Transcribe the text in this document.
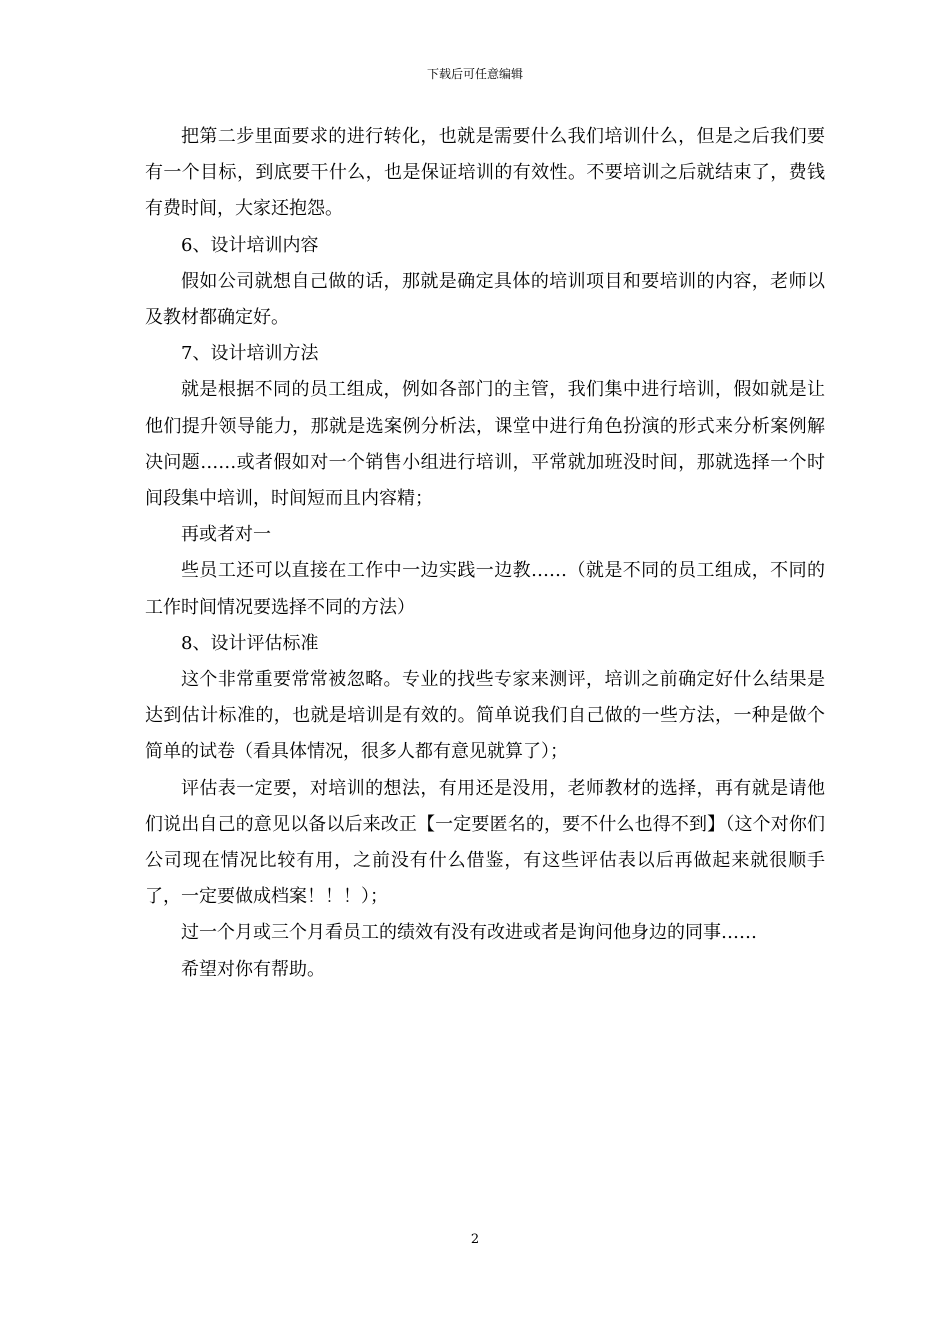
下载后可任意编辑

把第二步里面要求的进行转化，也就是需要什么我们培训什么，但是之后我们要有一个目标，到底要干什么，也是保证培训的有效性。不要培训之后就结束了，费钱有费时间，大家还抱怨。

6、设计培训内容

假如公司就想自己做的话，那就是确定具体的培训项目和要培训的内容，老师以及教材都确定好。

7、设计培训方法

就是根据不同的员工组成，例如各部门的主管，我们集中进行培训，假如就是让他们提升领导能力，那就是选案例分析法，课堂中进行角色扮演的形式来分析案例解决问题……或者假如对一个销售小组进行培训，平常就加班没时间，那就选择一个时间段集中培训，时间短而且内容精；

再或者对一

些员工还可以直接在工作中一边实践一边教……（就是不同的员工组成，不同的工作时间情况要选择不同的方法）

8、设计评估标准

这个非常重要常常被忽略。专业的找些专家来测评，培训之前确定好什么结果是达到估计标准的，也就是培训是有效的。简单说我们自己做的一些方法，一种是做个简单的试卷（看具体情况，很多人都有意见就算了）；

评估表一定要，对培训的想法，有用还是没用，老师教材的选择，再有就是请他们说出自己的意见以备以后来改正【一定要匿名的，要不什么也得不到】（这个对你们公司现在情况比较有用，之前没有什么借鉴，有这些评估表以后再做起来就很顺手了，一定要做成档案！！！）；

过一个月或三个月看员工的绩效有没有改进或者是询问他身边的同事……

希望对你有帮助。

2
